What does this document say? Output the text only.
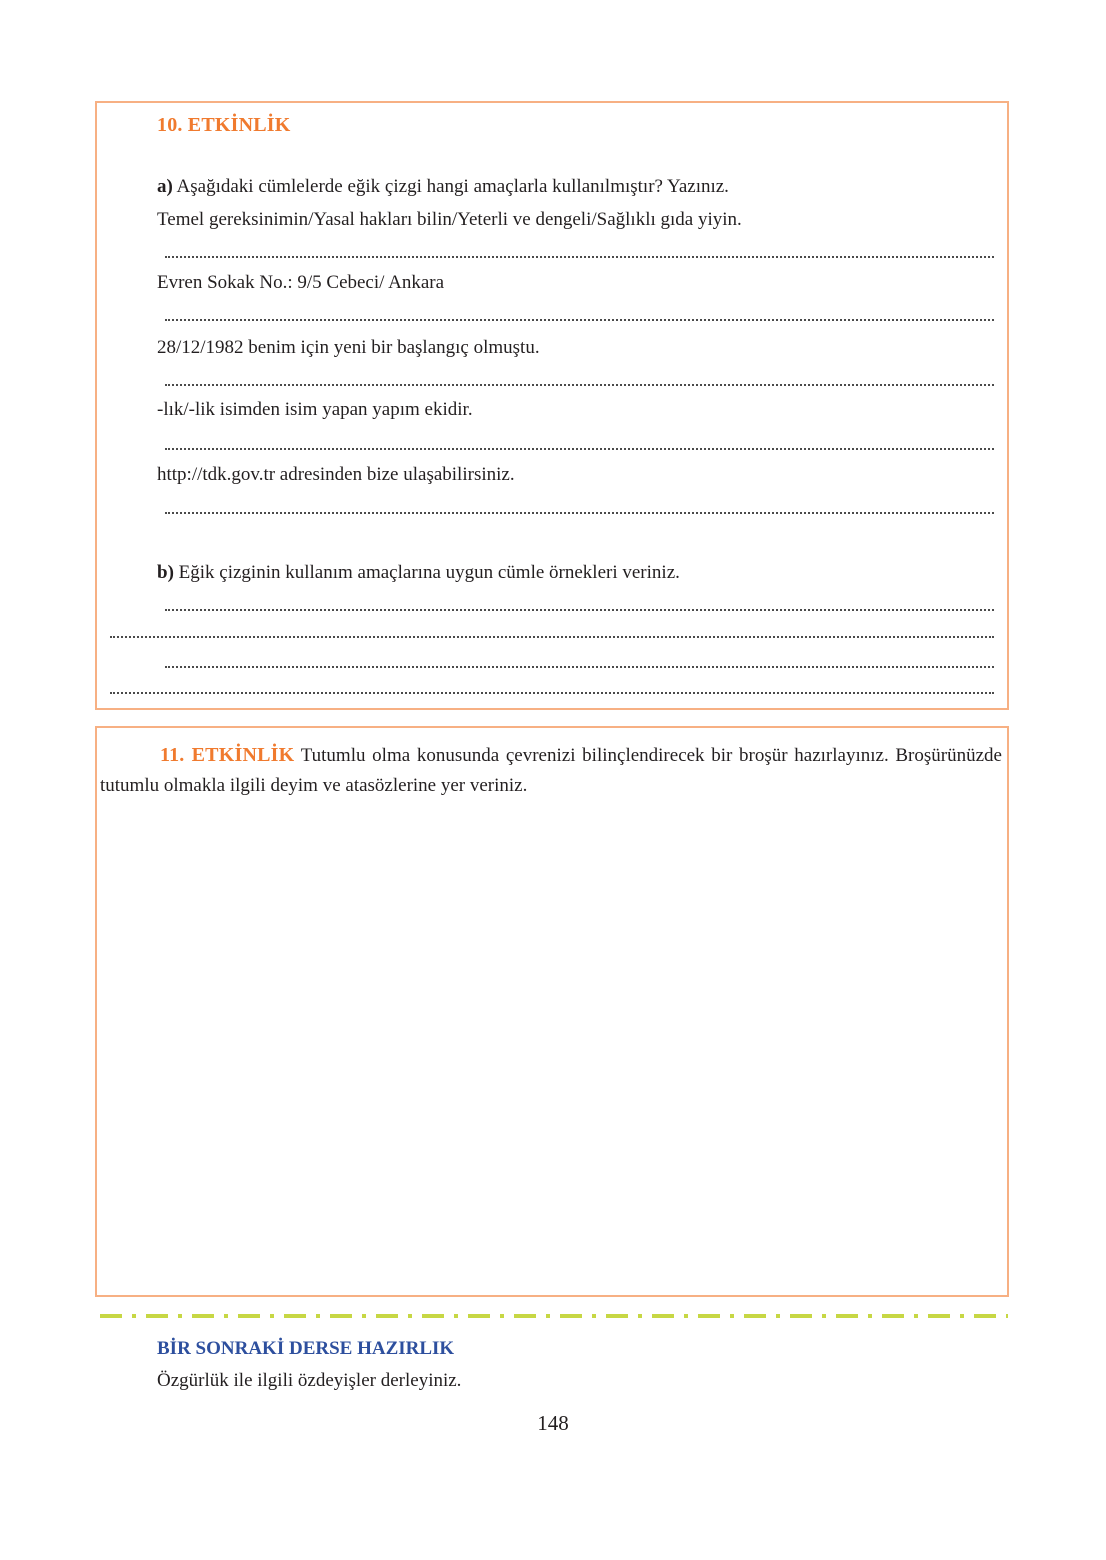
10. ETKİNLİK
a) Aşağıdaki cümlelerde eğik çizgi hangi amaçlarla kullanılmıştır? Yazınız.
Temel gereksinimin/Yasal hakları bilin/Yeterli ve dengeli/Sağlıklı gıda yiyin.
Evren Sokak No.: 9/5 Cebeci/ Ankara
28/12/1982 benim için yeni bir başlangıç olmuştu.
-lık/-lik isimden isim yapan yapım ekidir.
http://tdk.gov.tr adresinden bize ulaşabilirsiniz.
b) Eğik çizginin kullanım amaçlarına uygun cümle örnekleri veriniz.
11. ETKİNLİK Tutumlu olma konusunda çevrenizi bilinçlendirecek bir broşür hazırlayınız. Broşürünüzde tutumlu olmakla ilgili deyim ve atasözlerine yer veriniz.
BİR SONRAKİ DERSE HAZIRLIK
Özgürlük ile ilgili özdeyişler derleyiniz.
148
